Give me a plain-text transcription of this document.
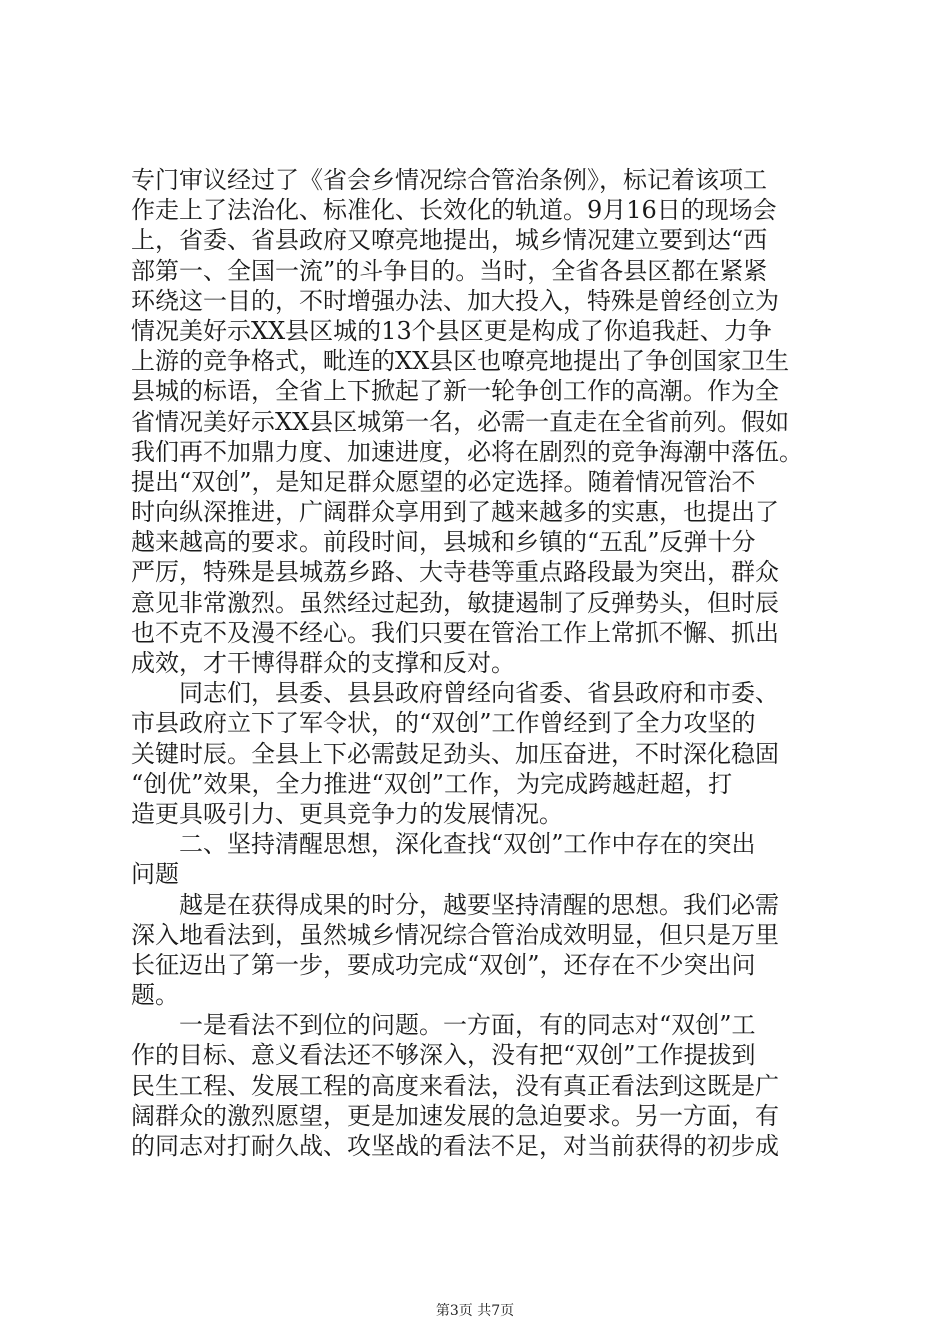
专门审议经过了《省会乡情况综合管治条例》，标记着该项工
作走上了法治化、标准化、长效化的轨道。9月16日的现场会
上，省委、省县政府又嘹亮地提出，城乡情况建立要到达“西
部第一、全国一流”的斗争目的。当时，全省各县区都在紧紧
环绕这一目的，不时增强办法、加大投入，特殊是曾经创立为
情况美好示XX县区城的13个县区更是构成了你追我赶、力争
上游的竞争格式，毗连的XX县区也嘹亮地提出了争创国家卫生
县城的标语，全省上下掀起了新一轮争创工作的高潮。作为全
省情况美好示XX县区城第一名，必需一直走在全省前列。假如
我们再不加鼎力度、加速进度，必将在剧烈的竞争海潮中落伍。
提出“双创”，是知足群众愿望的必定选择。随着情况管治不
时向纵深推进，广阔群众享用到了越来越多的实惠，也提出了
越来越高的要求。前段时间，县城和乡镇的“五乱”反弹十分
严厉，特殊是县城荔乡路、大寺巷等重点路段最为突出，群众
意见非常激烈。虽然经过起劲，敏捷遏制了反弹势头，但时辰
也不克不及漫不经心。我们只要在管治工作上常抓不懈、抓出
成效，才干博得群众的支撑和反对。
同志们，县委、县县政府曾经向省委、省县政府和市委、
市县政府立下了军令状，的“双创”工作曾经到了全力攻坚的
关键时辰。全县上下必需鼓足劲头、加压奋进，不时深化稳固
“创优”效果，全力推进“双创”工作，为完成跨越赶超，打
造更具吸引力、更具竞争力的发展情况。
二、坚持清醒思想，深化查找“双创”工作中存在的突出
问题
越是在获得成果的时分，越要坚持清醒的思想。我们必需
深入地看法到，虽然城乡情况综合管治成效明显，但只是万里
长征迈出了第一步，要成功完成“双创”，还存在不少突出问
题。
一是看法不到位的问题。一方面，有的同志对“双创”工
作的目标、意义看法还不够深入，没有把“双创”工作提拔到
民生工程、发展工程的高度来看法，没有真正看法到这既是广
阔群众的激烈愿望，更是加速发展的急迫要求。另一方面，有
的同志对打耐久战、攻坚战的看法不足，对当前获得的初步成
第3页 共7页
